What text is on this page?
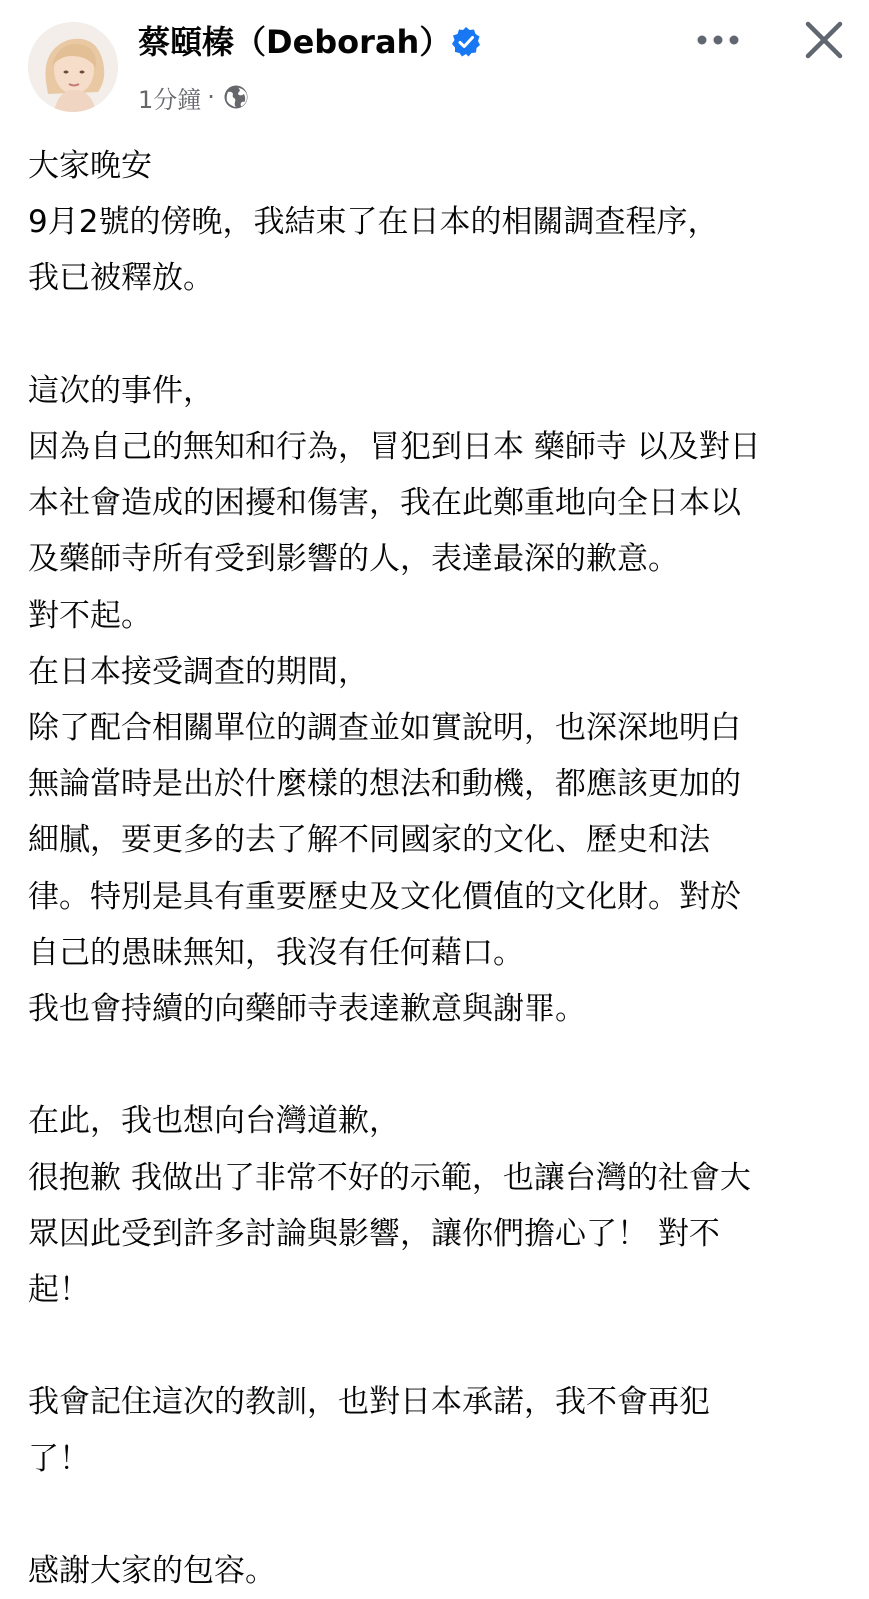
蔡頤榛（Deborah）
1分鐘 ·

大家晚安
9月2號的傍晚，我結束了在日本的相關調查程序，
我已被釋放。

這次的事件，
因為自己的無知和行為，冒犯到日本 藥師寺 以及對日
本社會造成的困擾和傷害，我在此鄭重地向全日本以
及藥師寺所有受到影響的人，表達最深的歉意。
對不起。
在日本接受調查的期間，
除了配合相關單位的調查並如實說明，也深深地明白
無論當時是出於什麼樣的想法和動機，都應該更加的
細膩，要更多的去了解不同國家的文化、歷史和法
律。特別是具有重要歷史及文化價值的文化財。對於
自己的愚昧無知，我沒有任何藉口。
我也會持續的向藥師寺表達歉意與謝罪。

在此，我也想向台灣道歉，
很抱歉 我做出了非常不好的示範，也讓台灣的社會大
眾因此受到許多討論與影響，讓你們擔心了！ 對不
起！

我會記住這次的教訓，也對日本承諾，我不會再犯
了！

感謝大家的包容。
